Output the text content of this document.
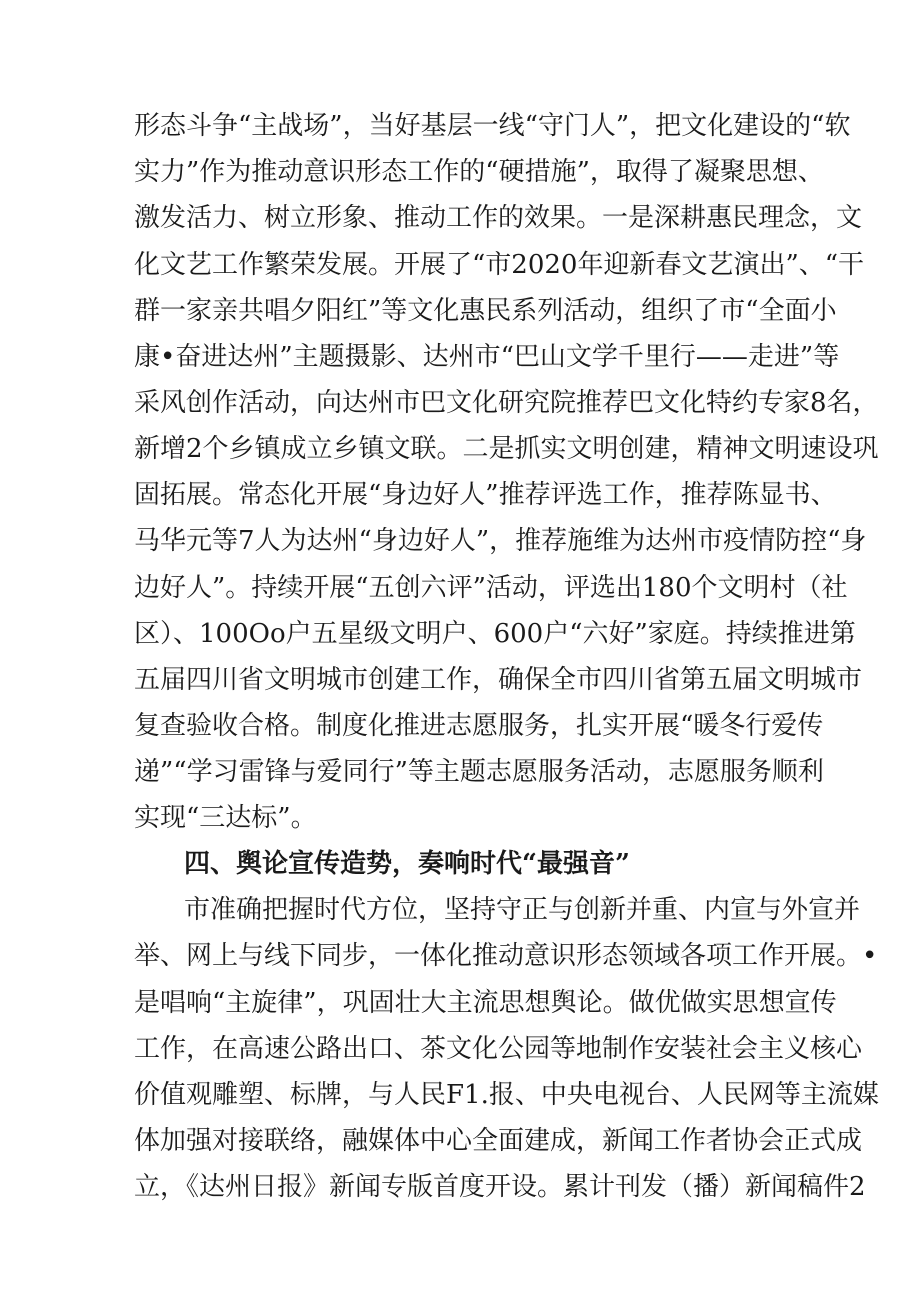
形态斗争“主战场”，当好基层一线“守门人”，把文化建设的“软
实力”作为推动意识形态工作的“硬措施”，取得了凝聚思想、
激发活力、树立形象、推动工作的效果。一是深耕惠民理念，文
化文艺工作繁荣发展。开展了“市2020年迎新春文艺演出”、“干
群一家亲共唱夕阳红”等文化惠民系列活动，组织了市“全面小
康•奋进达州”主题摄影、达州市“巴山文学千里行——走进”等
采风创作活动，向达州市巴文化研究院推荐巴文化特约专家8名，
新增2个乡镇成立乡镇文联。二是抓实文明创建，精神文明速设巩
固拓展。常态化开展“身边好人”推荐评选工作，推荐陈显书、
马华元等7人为达州“身边好人”，推荐施维为达州市疫情防控“身
边好人”。持续开展“五创六评”活动，评选出180个文明村（社
区）、100Oo户五星级文明户、600户“六好”家庭。持续推进第
五届四川省文明城市创建工作，确保全市四川省第五届文明城市
复查验收合格。制度化推进志愿服务，扎实开展“暖冬行爱传
递”“学习雷锋与爱同行”等主题志愿服务活动，志愿服务顺利
实现“三达标”。
四、舆论宣传造势，奏响时代“最强音”
市准确把握时代方位，坚持守正与创新并重、内宣与外宣并
举、网上与线下同步，一体化推动意识形态领域各项工作开展。•
是唱响“主旋律”，巩固壮大主流思想舆论。做优做实思想宣传
工作，在高速公路出口、茶文化公园等地制作安装社会主义核心
价值观雕塑、标牌，与人民F1.报、中央电视台、人民网等主流媒
体加强对接联络，融媒体中心全面建成，新闻工作者协会正式成
立，《达州日报》新闻专版首度开设。累计刊发（播）新闻稿件2
